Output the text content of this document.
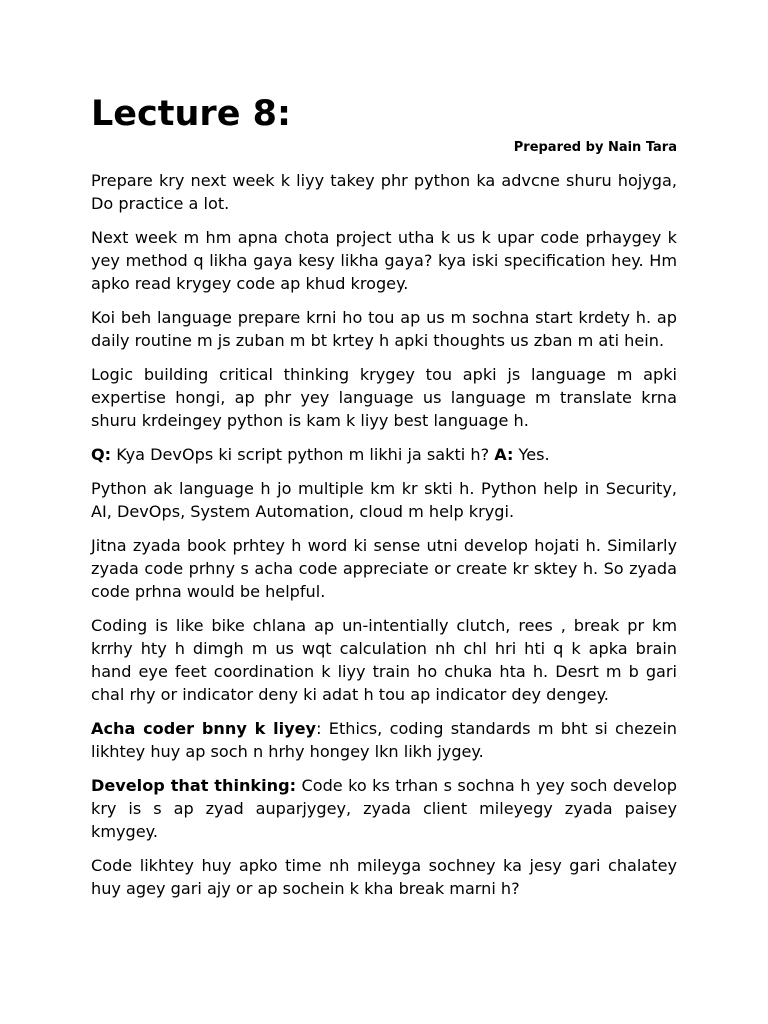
Lecture 8:
Prepared by Nain Tara

Prepare kry next week k liyy takey phr python ka advcne shuru hojyga, Do practice a lot.

Next week m hm apna chota project utha k us k upar code prhaygey k yey method q likha gaya kesy likha gaya? kya iski specification hey. Hm apko read krygey code ap khud krogey.

Koi beh language prepare krni ho tou ap us m sochna start krdety h. ap daily routine m js zuban m bt krtey h apki thoughts us zban m ati hein.

Logic building critical thinking krygey tou apki js language m apki expertise hongi, ap phr yey language us language m translate krna shuru krdeingey python is kam k liyy best language h.

Q: Kya DevOps ki script python m likhi ja sakti h? A: Yes.

Python ak language h jo multiple km kr skti h. Python help in Security, AI, DevOps, System Automation, cloud m help krygi.

Jitna zyada book prhtey h word ki sense utni develop hojati h. Similarly zyada code prhny s acha code appreciate or create kr sktey h. So zyada code prhna would be helpful.

Coding is like bike chlana ap un-intentially clutch, rees , break pr km krrhy hty h dimgh m us wqt calculation nh chl hri hti q k apka brain hand eye feet coordination k liyy train ho chuka hta h. Desrt m b gari chal rhy or indicator deny ki adat h tou ap indicator dey dengey.

Acha coder bnny k liyey: Ethics, coding standards m bht si chezein likhtey huy ap soch n hrhy hongey lkn likh jygey.

Develop that thinking: Code ko ks trhan s sochna h yey soch develop kry is s ap zyad auparjygey, zyada client mileyegy zyada paisey kmygey.

Code likhtey huy apko time nh mileyga sochney ka jesy gari chalatey huy agey gari ajy or ap sochein k kha break marni h?
